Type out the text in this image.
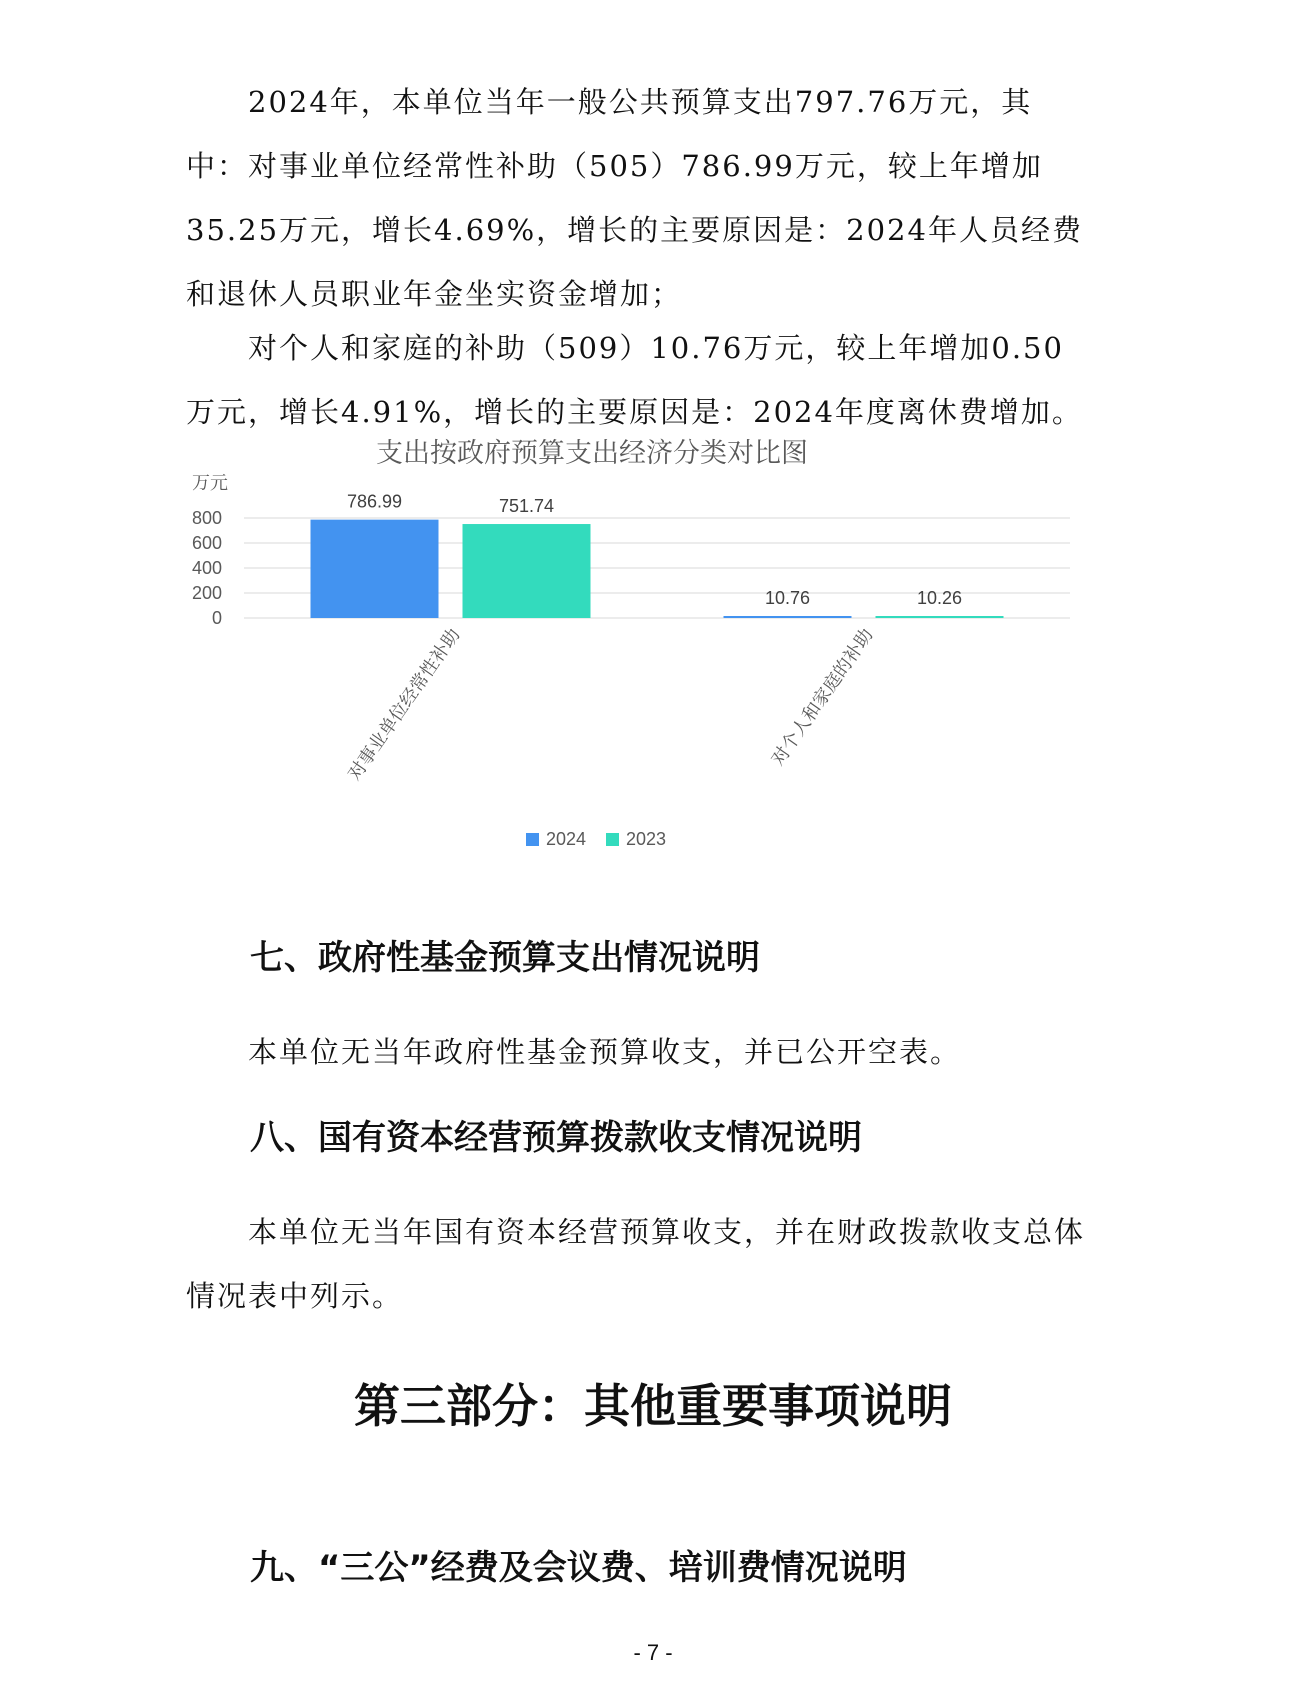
2024年，本单位当年一般公共预算支出797.76万元，其中： 对事业单位经常性补助（505）786.99万元，较上年增加35.25万元，增长4.69%，增长的主要原因是：2024年人员经费和退休人员职业年金坐实资金增加；

对个人和家庭的补助（509）10.76万元，较上年增加0.50万元，增长4.91%，增长的主要原因是：2024年度离休费增加。

支出按政府预算支出经济分类对比图
万元
800
600
400
200
0
786.99	751.74
对事业单位经常性补助
10.76	10.26
对个人和家庭的补助
2024 2023
七、政府性基金预算支出情况说明

本单位无当年政府性基金预算收支，并已公开空表。

八、国有资本经营预算拨款收支情况说明

本单位无当年国有资本经营预算收支，并在财政拨款收支总体情况表中列示。

第三部分：其他重要事项说明
九、“三公”经费及会议费、培训费情况说明
- 7 -
